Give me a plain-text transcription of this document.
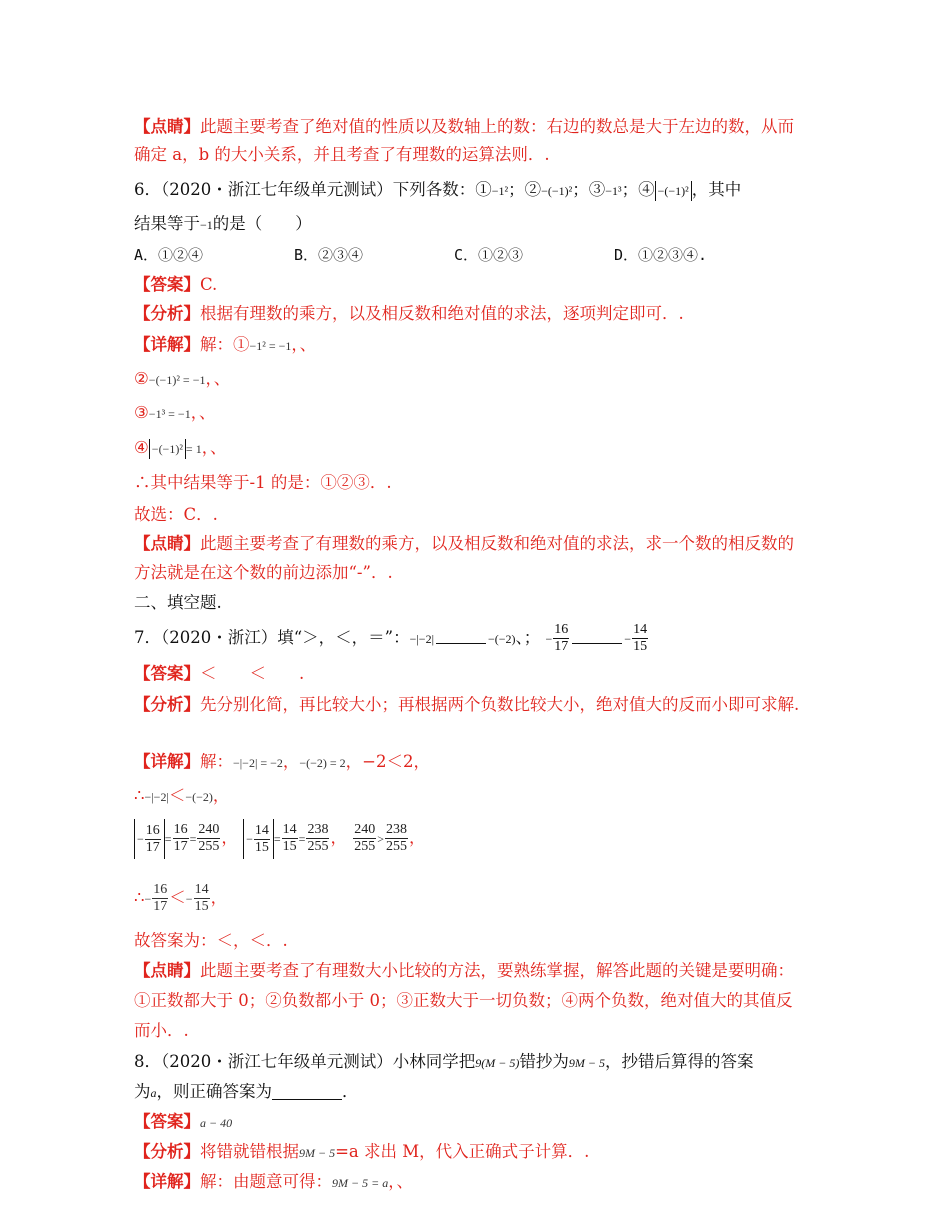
【点睛】此题主要考查了绝对值的性质以及数轴上的数：右边的数总是大于左边的数，从而
确定 a，b 的大小关系，并且考查了有理数的运算法则．.
6．（2020・浙江七年级单元测试）下列各数：①−1²；②−(−1)²；③−1³；④ −(−1)² ，其中
结果等于−1的是（　　）
A．①②④	B．②③④	C．①②③	D．①②③④.
【答案】C.
【分析】根据有理数的乘方，以及相反数和绝对值的求法，逐项判定即可．.
【详解】解：①−1² = −1，、
②−(−1)² = −1，、
③−1³ = −1，、
④ −(−1)² = 1，、
∴其中结果等于-1 的是：①②③．.
故选：C．.
【点睛】此题主要考查了有理数的乘方，以及相反数和绝对值的求法，求一个数的相反数的
方法就是在这个数的前边添加“-”．.
二、填空题.
7．（2020・浙江）填“＞，＜，＝”：−|−2|	−(−2)、； − $\frac{16}{17}$	− $\frac{14}{15}$
【答案】＜　　＜　　.
【分析】先分别化简，再比较大小；再根据两个负数比较大小，绝对值大的反而小即可求解.
【详解】解：−|−2| = −2，−(−2) = 2，−2＜2，
∴−|−2|＜−(−2)，
− $\frac{16}{17} = \frac{16}{17} = \frac{240}{255}$ ， − $\frac{14}{15} = \frac{14}{15} = \frac{238}{255}$ ， $\frac{240}{255} > \frac{238}{255}$ ，
∴− $\frac{16}{17} <- \frac{14}{15}$ ，
故答案为：＜，＜．.
【点睛】此题主要考查了有理数大小比较的方法，要熟练掌握，解答此题的关键是要明确：
①正数都大于 0；②负数都小于 0；③正数大于一切负数；④两个负数，绝对值大的其值反
而小．.
8．（2020・浙江七年级单元测试）小林同学把9(M − 5)错抄为9M − 5，抄错后算得的答案
为a，则正确答案为	．
【答案】a − 40
【分析】将错就错根据9M − 5=a 求出 M，代入正确式子计算．.
【详解】解：由题意可得：9M − 5 = a，、
